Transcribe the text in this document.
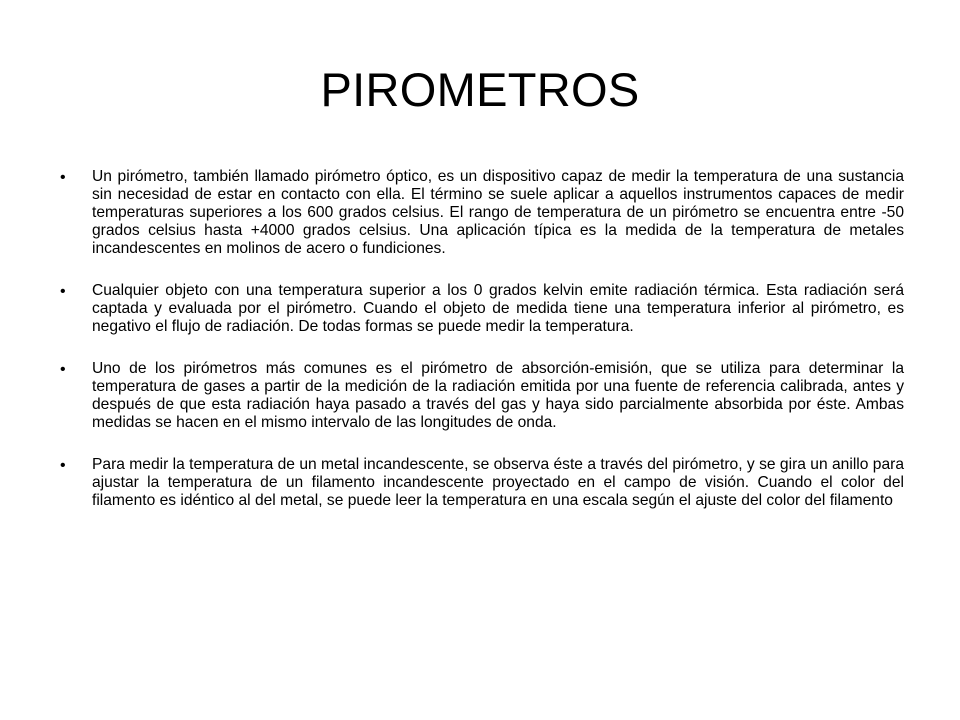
PIROMETROS
• Un pirómetro, también llamado pirómetro óptico, es un dispositivo capaz de medir la temperatura de una sustancia sin necesidad de estar en contacto con ella. El término se suele aplicar a aquellos instrumentos capaces de medir temperaturas superiores a los 600 grados celsius. El rango de temperatura de un pirómetro se encuentra entre -50 grados celsius hasta +4000 grados celsius. Una aplicación típica es la medida de la temperatura de metales incandescentes en molinos de acero o fundiciones.
• Cualquier objeto con una temperatura superior a los 0 grados kelvin emite radiación térmica. Esta radiación será captada y evaluada por el pirómetro. Cuando el objeto de medida tiene una temperatura inferior al pirómetro, es negativo el flujo de radiación. De todas formas se puede medir la temperatura.
• Uno de los pirómetros más comunes es el pirómetro de absorción-emisión, que se utiliza para determinar la temperatura de gases a partir de la medición de la radiación emitida por una fuente de referencia calibrada, antes y después de que esta radiación haya pasado a través del gas y haya sido parcialmente absorbida por éste. Ambas medidas se hacen en el mismo intervalo de las longitudes de onda.
• Para medir la temperatura de un metal incandescente, se observa éste a través del pirómetro, y se gira un anillo para ajustar la temperatura de un filamento incandescente proyectado en el campo de visión. Cuando el color del filamento es idéntico al del metal, se puede leer la temperatura en una escala según el ajuste del color del filamento
